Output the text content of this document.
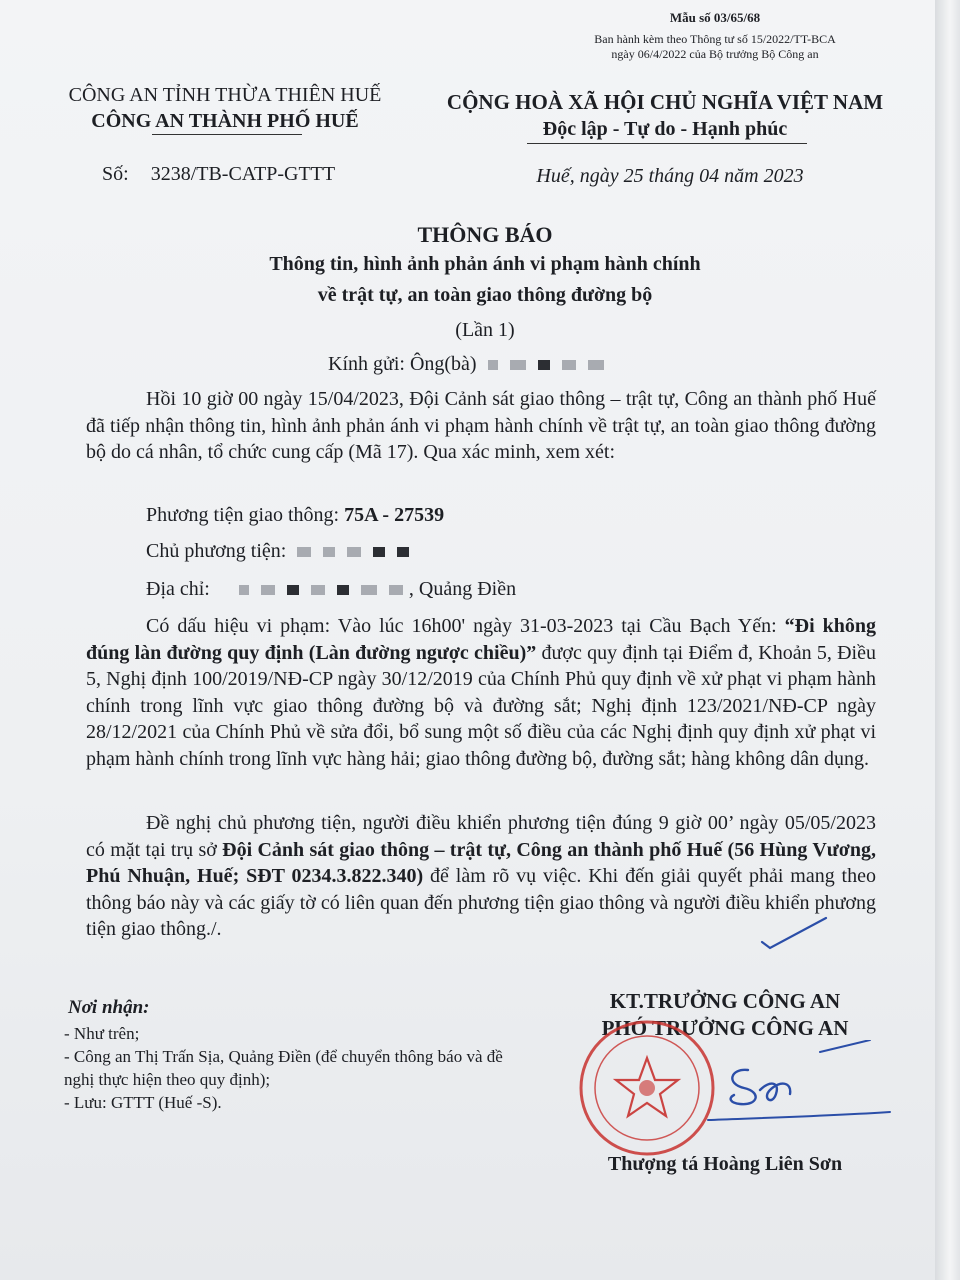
Mẫu số 03/65/68
Ban hành kèm theo Thông tư số 15/2022/TT-BCA
ngày 06/4/2022 của Bộ trưởng Bộ Công an
CÔNG AN TỈNH THỪA THIÊN HUẾ
CÔNG AN THÀNH PHỐ HUẾ
CỘNG HOÀ XÃ HỘI CHỦ NGHĨA VIỆT NAM
Độc lập - Tự do - Hạnh phúc
Số: 3238/TB-CATP-GTTT	Huế, ngày 25 tháng 04 năm 2023
THÔNG BÁO
Thông tin, hình ảnh phản ánh vi phạm hành chính
về trật tự, an toàn giao thông đường bộ
(Lần 1)
Kính gửi: Ông(bà)
Hồi 10 giờ 00 ngày 15/04/2023, Đội Cảnh sát giao thông – trật tự, Công an thành phố Huế đã tiếp nhận thông tin, hình ảnh phản ánh vi phạm hành chính về trật tự, an toàn giao thông đường bộ do cá nhân, tổ chức cung cấp (Mã 17). Qua xác minh, xem xét:
Phương tiện giao thông: 75A - 27539
Chủ phương tiện:
Địa chỉ:	, Quảng Điền
Có dấu hiệu vi phạm: Vào lúc 16h00' ngày 31-03-2023 tại Cầu Bạch Yến: “Đi không đúng làn đường quy định (Làn đường ngược chiều)” được quy định tại Điểm đ, Khoản 5, Điều 5, Nghị định 100/2019/NĐ-CP ngày 30/12/2019 của Chính Phủ quy định về xử phạt vi phạm hành chính trong lĩnh vực giao thông đường bộ và đường sắt; Nghị định 123/2021/NĐ-CP ngày 28/12/2021 của Chính Phủ về sửa đổi, bổ sung một số điều của các Nghị định quy định xử phạt vi phạm hành chính trong lĩnh vực hàng hải; giao thông đường bộ, đường sắt; hàng không dân dụng.
Đề nghị chủ phương tiện, người điều khiển phương tiện đúng 9 giờ 00’ ngày 05/05/2023 có mặt tại trụ sở Đội Cảnh sát giao thông – trật tự, Công an thành phố Huế (56 Hùng Vương, Phú Nhuận, Huế; SĐT 0234.3.822.340) để làm rõ vụ việc. Khi đến giải quyết phải mang theo thông báo này và các giấy tờ có liên quan đến phương tiện giao thông và người điều khiển phương tiện giao thông./.
Nơi nhận:
- Như trên;
- Công an Thị Trấn Sịa, Quảng Điền (để chuyển thông báo và đề nghị thực hiện theo quy định);
- Lưu: GTTT (Huế -S).
KT.TRƯỞNG CÔNG AN
PHÓ TRƯỞNG CÔNG AN
Thượng tá Hoàng Liên Sơn
